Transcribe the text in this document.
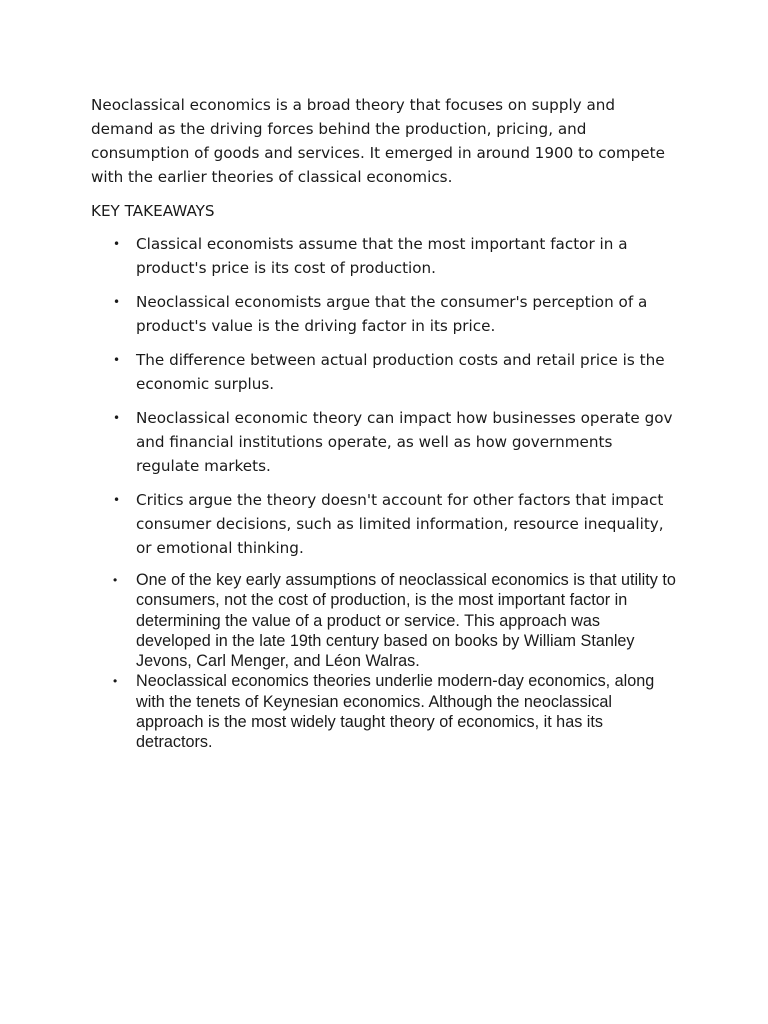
Neoclassical economics is a broad theory that focuses on supply and demand as the driving forces behind the production, pricing, and consumption of goods and services. It emerged in around 1900 to compete with the earlier theories of classical economics.

KEY TAKEAWAYS

• Classical economists assume that the most important factor in a product's price is its cost of production.
• Neoclassical economists argue that the consumer's perception of a product's value is the driving factor in its price.
• The difference between actual production costs and retail price is the economic surplus.
• Neoclassical economic theory can impact how businesses operate gov and financial institutions operate, as well as how governments regulate markets.
• Critics argue the theory doesn't account for other factors that impact consumer decisions, such as limited information, resource inequality, or emotional thinking.
• One of the key early assumptions of neoclassical economics is that utility to consumers, not the cost of production, is the most important factor in determining the value of a product or service. This approach was developed in the late 19th century based on books by William Stanley Jevons, Carl Menger, and Léon Walras.
• Neoclassical economics theories underlie modern-day economics, along with the tenets of Keynesian economics. Although the neoclassical approach is the most widely taught theory of economics, it has its detractors.
